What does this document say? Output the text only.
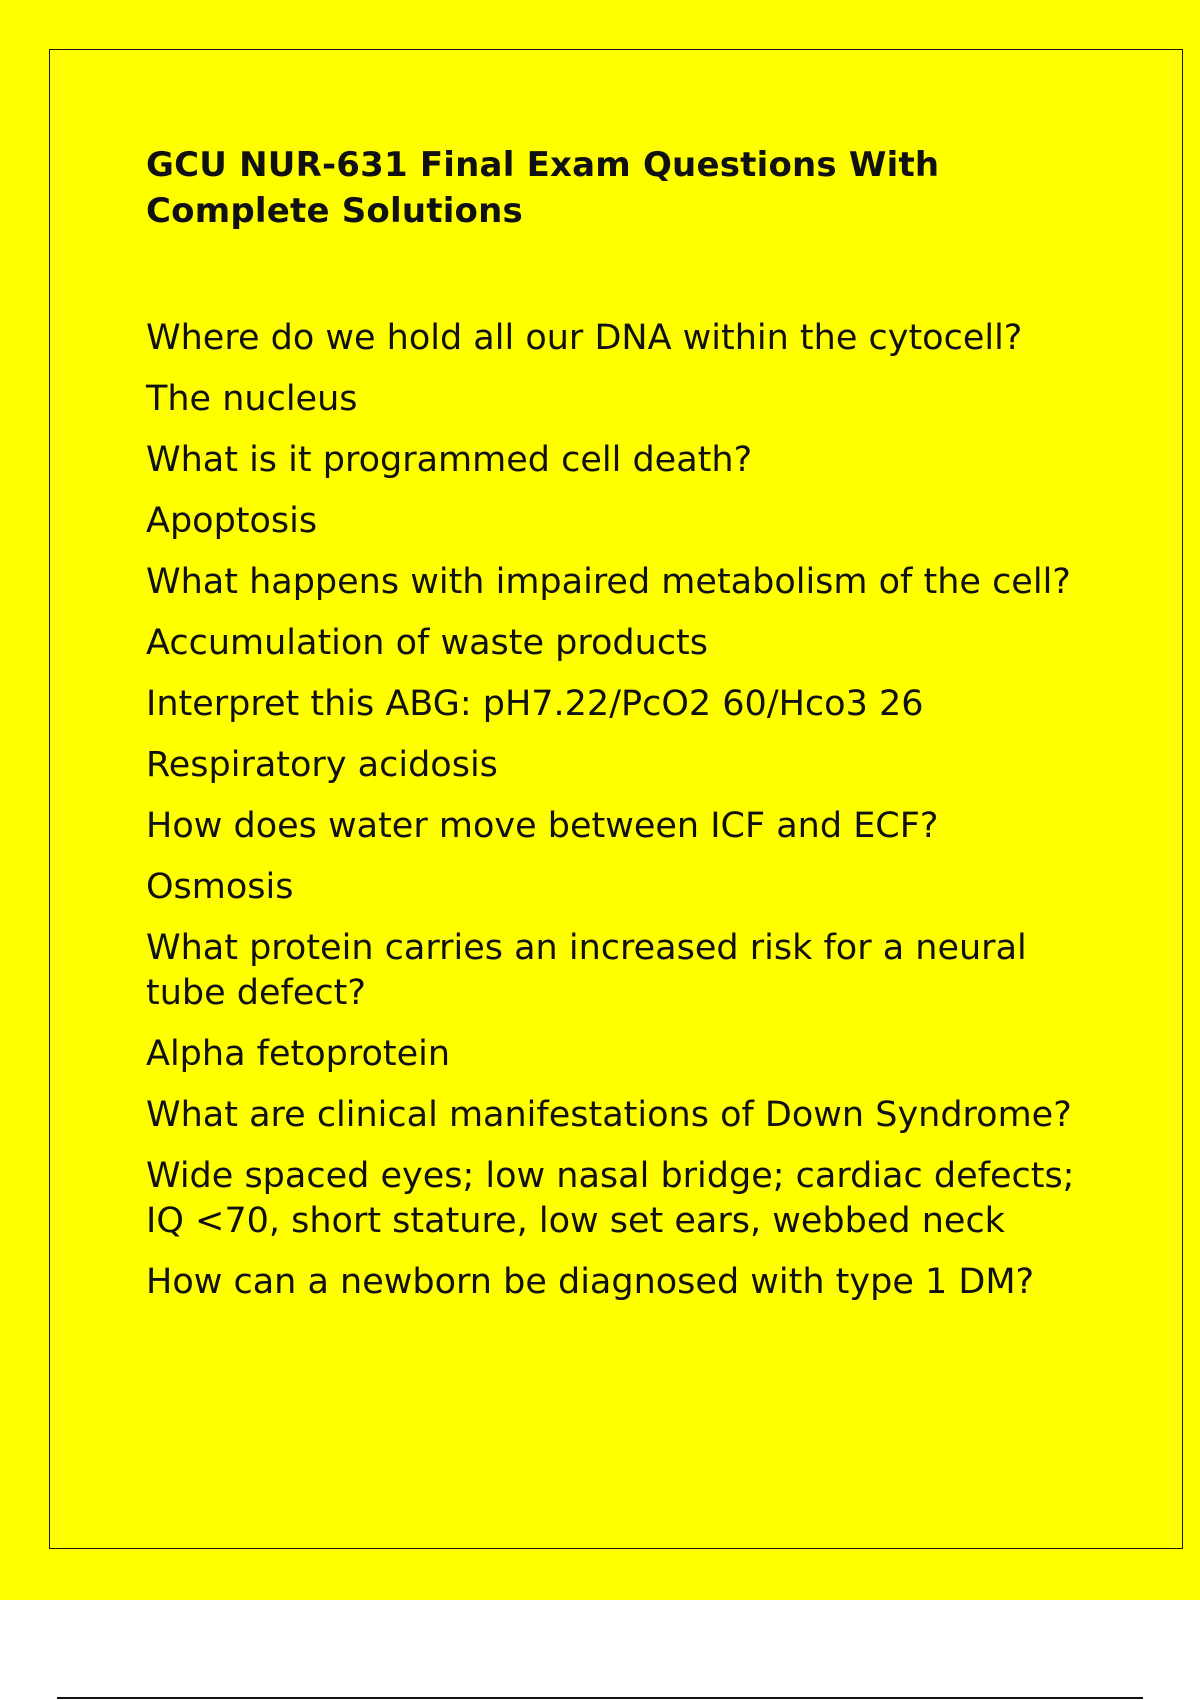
GCU NUR-631 Final Exam Questions With Complete Solutions
Where do we hold all our DNA within the cytocell?
The nucleus
What is it programmed cell death?
Apoptosis
What happens with impaired metabolism of the cell?
Accumulation of waste products
Interpret this ABG: pH7.22/PcO2 60/Hco3 26
Respiratory acidosis
How does water move between ICF and ECF?
Osmosis
What protein carries an increased risk for a neural tube defect?
Alpha fetoprotein
What are clinical manifestations of Down Syndrome?
Wide spaced eyes; low nasal bridge; cardiac defects; IQ <70, short stature, low set ears, webbed neck
How can a newborn be diagnosed with type 1 DM?
